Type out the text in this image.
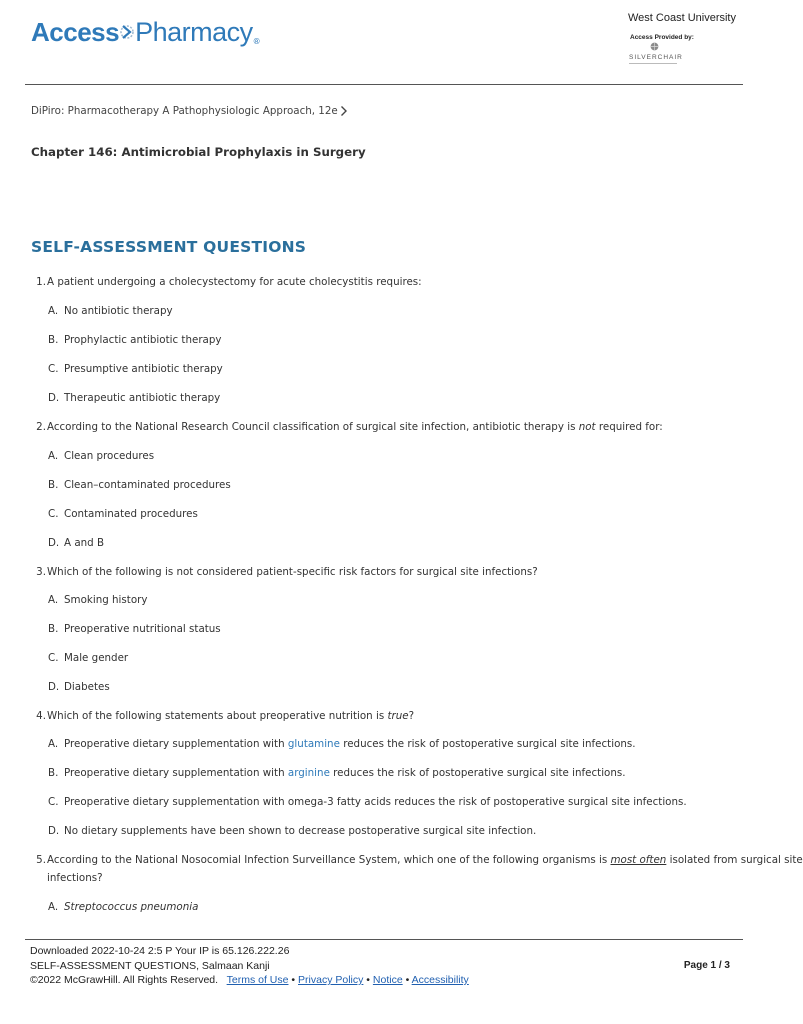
Access Pharmacy ®
West Coast University
Access Provided by:
SILVERCHAIR
DiPiro: Pharmacotherapy A Pathophysiologic Approach, 12e
Chapter 146: Antimicrobial Prophylaxis in Surgery
SELF-ASSESSMENT QUESTIONS
1. A patient undergoing a cholecystectomy for acute cholecystitis requires:
A. No antibiotic therapy
B. Prophylactic antibiotic therapy
C. Presumptive antibiotic therapy
D. Therapeutic antibiotic therapy
2. According to the National Research Council classification of surgical site infection, antibiotic therapy is not required for:
A. Clean procedures
B. Clean–contaminated procedures
C. Contaminated procedures
D. A and B
3. Which of the following is not considered patient-specific risk factors for surgical site infections?
A. Smoking history
B. Preoperative nutritional status
C. Male gender
D. Diabetes
4. Which of the following statements about preoperative nutrition is true?
A. Preoperative dietary supplementation with glutamine reduces the risk of postoperative surgical site infections.
B. Preoperative dietary supplementation with arginine reduces the risk of postoperative surgical site infections.
C. Preoperative dietary supplementation with omega-3 fatty acids reduces the risk of postoperative surgical site infections.
D. No dietary supplements have been shown to decrease postoperative surgical site infection.
5. According to the National Nosocomial Infection Surveillance System, which one of the following organisms is most often isolated from surgical site
infections?
A. Streptococcus pneumonia
Downloaded 2022-10-24 2:5 P Your IP is 65.126.222.26
SELF-ASSESSMENT QUESTIONS, Salmaan Kanji
©2022 McGrawHill. All Rights Reserved. Terms of Use • Privacy Policy • Notice • Accessibility
Page 1 / 3
